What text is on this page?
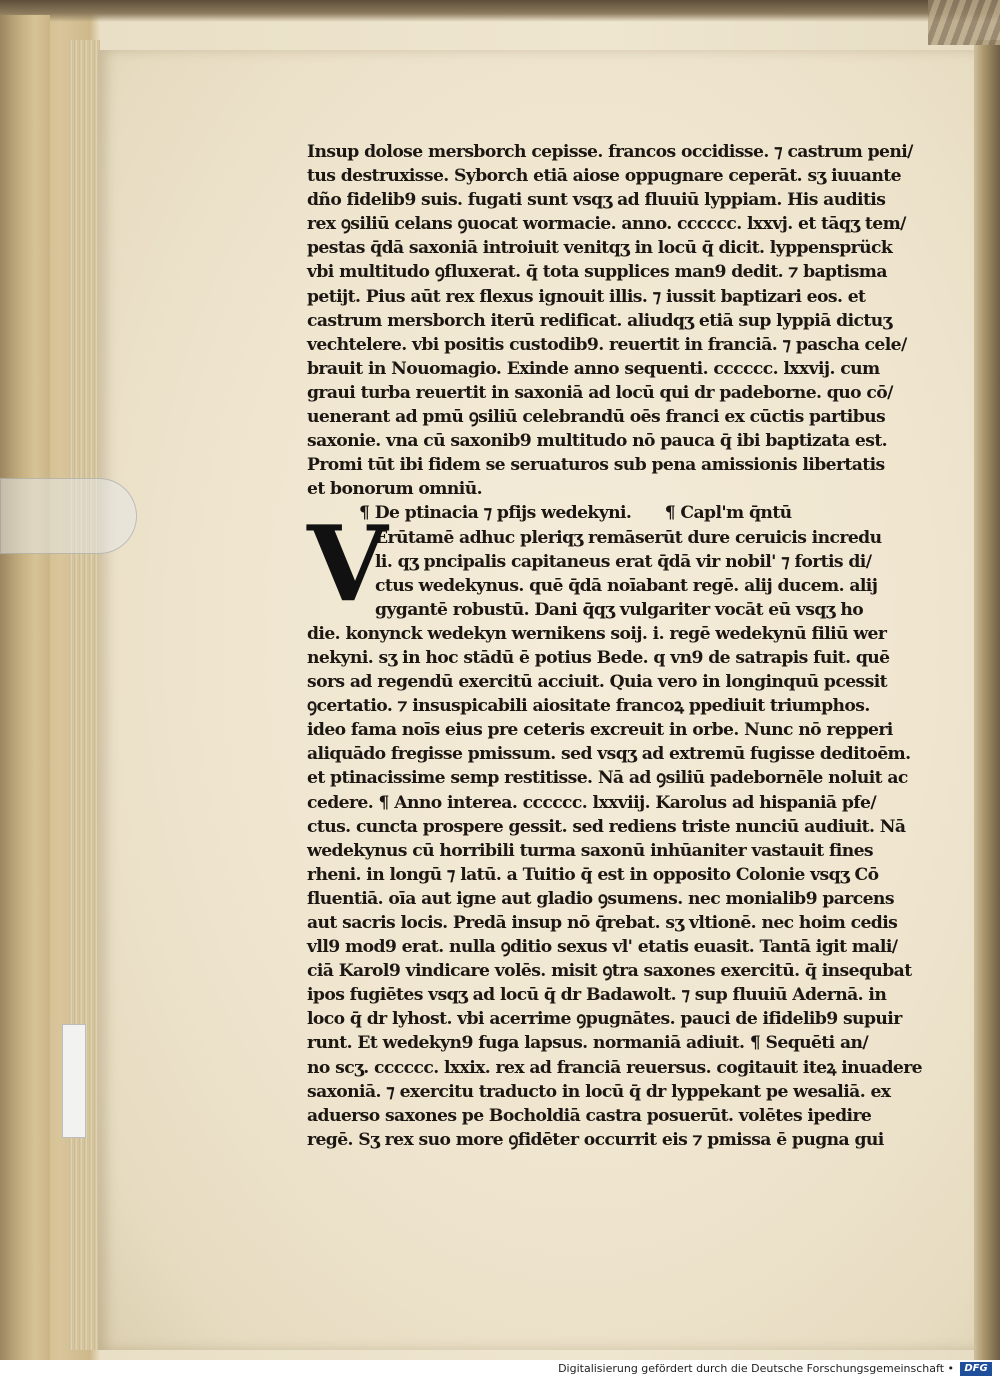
Insup dolose mersborch cepisse. francos occidisse. ⁊ castrum peni/
tus destruxisse. Syborch etiā aiose oppugnare ceperāt. sʒ iuuante
dño fidelib9 suis. fugati sunt vsqʒ ad fluuiū lyppiam. His auditis
rex ꝯsiliū celans ꝯuocat wormacie. anno. cccccc. lxxvj. et tāqʒ tem/
pestas q̄dā saxoniā introiuit venitqʒ in locū q̄ dicit. lyppensprück
vbi multitudo ꝯfluxerat. q̄ tota supplices man9 dedit. ⁊ baptisma
petijt. Pius aūt rex flexus ignouit illis. ⁊ iussit baptizari eos. et
castrum mersborch iterū redificat. aliudqʒ etiā sup lyppiā dictuʒ
vechtelere. vbi positis custodib9. reuertit in franciā. ⁊ pascha cele/
brauit in Nouomagio. Exinde anno sequenti. cccccc. lxxvij. cum
graui turba reuertit in saxoniā ad locū qui dr padeborne. quo cō/
uenerant ad pmū ꝯsiliū celebrandū oēs franci ex cūctis partibus
saxonie. vna cū saxonib9 multitudo nō pauca q̄ ibi baptizata est.
Promi tūt ibi fidem se seruaturos sub pena amissionis libertatis
et bonorum omniū.
¶ De ptinacia ⁊ pfijs wedekyni. ¶ Capl'm q̄ntū
V
Erūtamē adhuc pleriqʒ remāserūt dure ceruicis incredu
li. qʒ pncipalis capitaneus erat q̄dā vir nobil' ⁊ fortis di/
ctus wedekynus. quē q̄dā noīabant regē. alij ducem. alij
gygantē robustū. Dani q̄qʒ vulgariter vocāt eū vsqʒ ho
die. konynck wedekyn wernikens soij. i. regē wedekynū filiū wer
nekyni. sʒ in hoc stādū ē potius Bede. q vn9 de satrapis fuit. quē
sors ad regendū exercitū acciuit. Quia vero in longinquū pcessit
ꝯcertatio. ⁊ insuspicabili aiositate francoꝝ ppediuit triumphos.
ideo fama noīs eius pre ceteris excreuit in orbe. Nunc nō repperi
aliquādo fregisse pmissum. sed vsqʒ ad extremū fugisse deditoēm.
et ptinacissime semp restitisse. Nā ad ꝯsiliū padebornēle noluit ac
cedere. ¶ Anno interea. cccccc. lxxviij. Karolus ad hispaniā pfe/
ctus. cuncta prospere gessit. sed rediens triste nunciū audiuit. Nā
wedekynus cū horribili turma saxonū inhūaniter vastauit fines
rheni. in longū ⁊ latū. a Tuitio q̄ est in opposito Colonie vsqʒ Cō
fluentiā. oīa aut igne aut gladio ꝯsumens. nec monialib9 parcens
aut sacris locis. Predā insup nō q̄rebat. sʒ vltionē. nec hoim cedis
vll9 mod9 erat. nulla ꝯditio sexus vl' etatis euasit. Tantā igit mali/
ciā Karol9 vindicare volēs. misit ꝯtra saxones exercitū. q̄ insequbat
ipos fugiētes vsqʒ ad locū q̄ dr Badawolt. ⁊ sup fluuiū Adernā. in
loco q̄ dr lyhost. vbi acerrime ꝯpugnātes. pauci de ifidelib9 supuir
runt. Et wedekyn9 fuga lapsus. normaniā adiuit. ¶ Sequēti an/
no scʒ. cccccc. lxxix. rex ad franciā reuersus. cogitauit iteꝝ inuadere
saxoniā. ⁊ exercitu traducto in locū q̄ dr lyppekant pe wesaliā. ex
aduerso saxones pe Bocholdiā castra posuerūt. volētes ipedire
regē. Sʒ rex suo more ꝯfidēter occurrit eis ⁊ pmissa ē pugna gui
Digitalisierung gefördert durch die Deutsche Forschungsgemeinschaft •	DFG
